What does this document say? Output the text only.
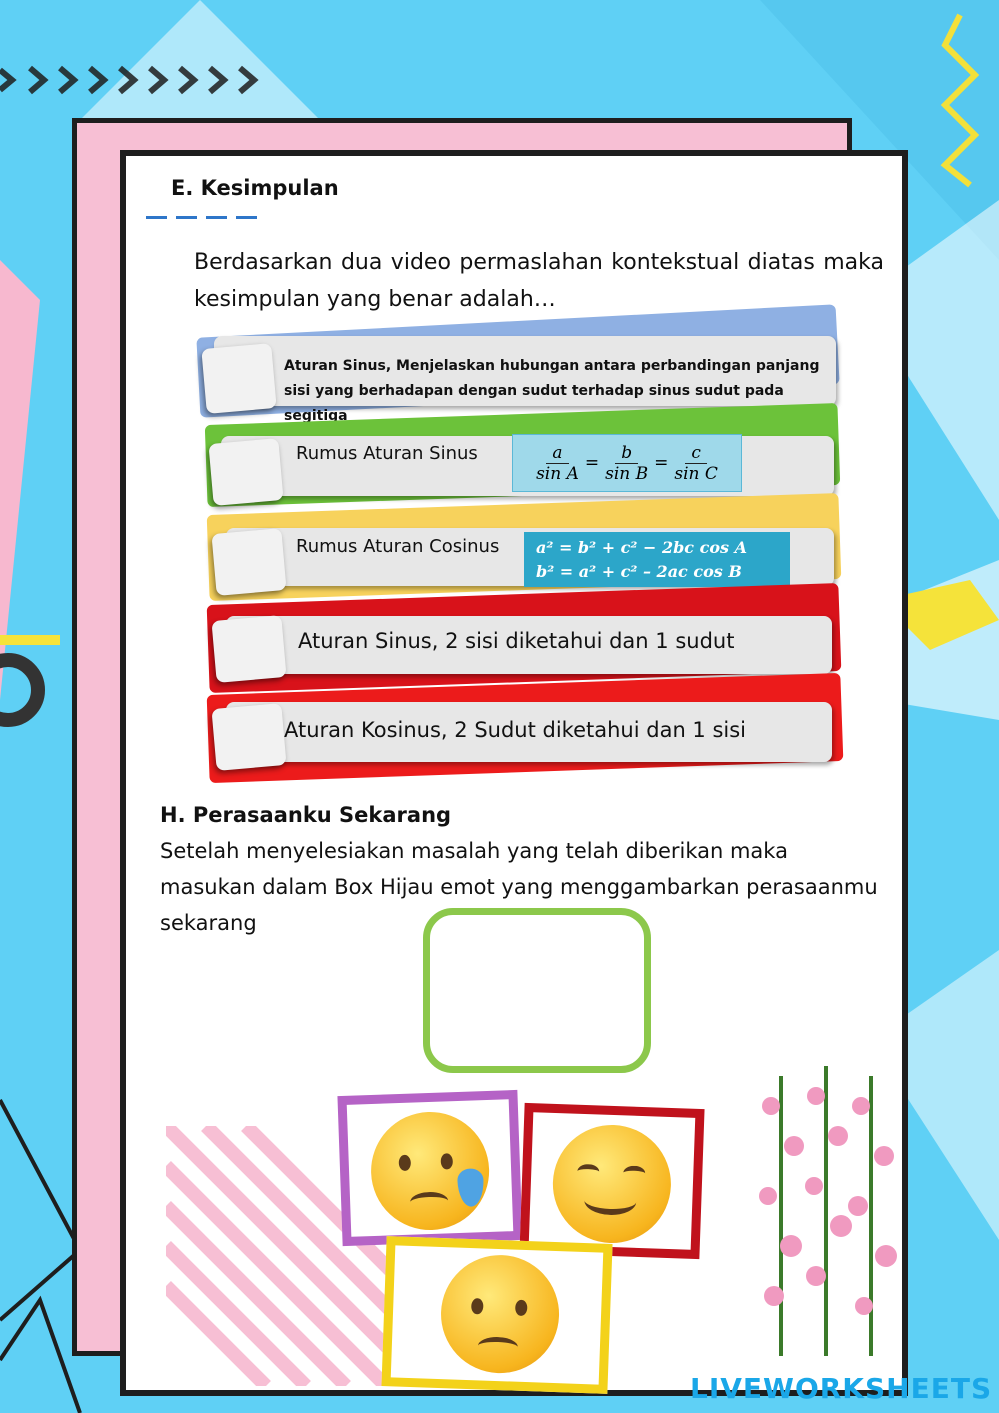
E. Kesimpulan
Berdasarkan dua video permaslahan kontekstual diatas maka kesimpulan yang benar adalah…
Aturan Sinus, Menjelaskan hubungan antara perbandingan panjang sisi yang berhadapan dengan sudut terhadap sinus sudut pada segitiga
Rumus Aturan Sinus	$\frac{a}{\text{sin A}} = \frac{b}{\text{sin B}} = \frac{c}{\text{sin C}}$
Rumus Aturan Cosinus a² = b² + c² − 2bc cos A
b² = a² + c² – 2ac cos B
Aturan Sinus, 2 sisi diketahui dan 1 sudut
Aturan Kosinus, 2 Sudut diketahui dan 1 sisi
H. Perasaanku Sekarang
Setelah menyelesiakan masalah yang telah diberikan maka masukan dalam Box Hijau emot yang menggambarkan perasaanmu sekarang
LIVEWORKSHEETS
